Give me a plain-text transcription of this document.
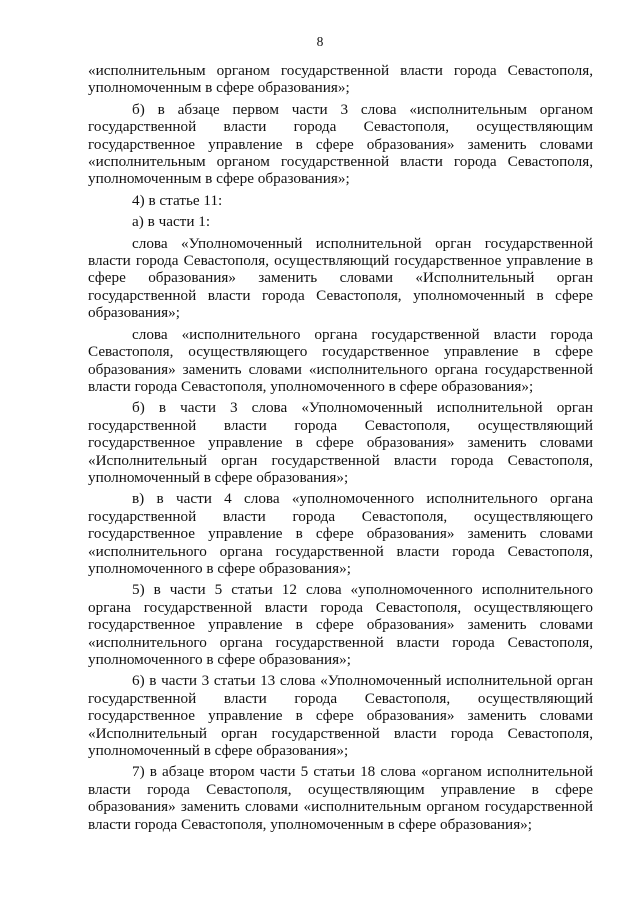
8

«исполнительным органом государственной власти города Севастополя, уполномоченным в сфере образования»;

б) в абзаце первом части 3 слова «исполнительным органом государственной власти города Севастополя, осуществляющим государственное управление в сфере образования» заменить словами «исполнительным органом государственной власти города Севастополя, уполномоченным в сфере образования»;

4) в статье 11:

а) в части 1:

слова «Уполномоченный исполнительной орган государственной власти города Севастополя, осуществляющий государственное управление в сфере образования» заменить словами «Исполнительный орган государственной власти города Севастополя, уполномоченный в сфере образования»;

слова «исполнительного органа государственной власти города Севастополя, осуществляющего государственное управление в сфере образования» заменить словами «исполнительного органа государственной власти города Севастополя, уполномоченного в сфере образования»;

б) в части 3 слова «Уполномоченный исполнительной орган государственной власти города Севастополя, осуществляющий государственное управление в сфере образования» заменить словами «Исполнительный орган государственной власти города Севастополя, уполномоченный в сфере образования»;

в) в части 4 слова «уполномоченного исполнительного органа государственной власти города Севастополя, осуществляющего государственное управление в сфере образования» заменить словами «исполнительного органа государственной власти города Севастополя, уполномоченного в сфере образования»;

5) в части 5 статьи 12 слова «уполномоченного исполнительного органа государственной власти города Севастополя, осуществляющего государственное управление в сфере образования» заменить словами «исполнительного органа государственной власти города Севастополя, уполномоченного в сфере образования»;

6) в части 3 статьи 13 слова «Уполномоченный исполнительной орган государственной власти города Севастополя, осуществляющий государственное управление в сфере образования» заменить словами «Исполнительный орган государственной власти города Севастополя, уполномоченный в сфере образования»;

7) в абзаце втором части 5 статьи 18 слова «органом исполнительной власти города Севастополя, осуществляющим управление в сфере образования» заменить словами «исполнительным органом государственной власти города Севастополя, уполномоченным в сфере образования»;
